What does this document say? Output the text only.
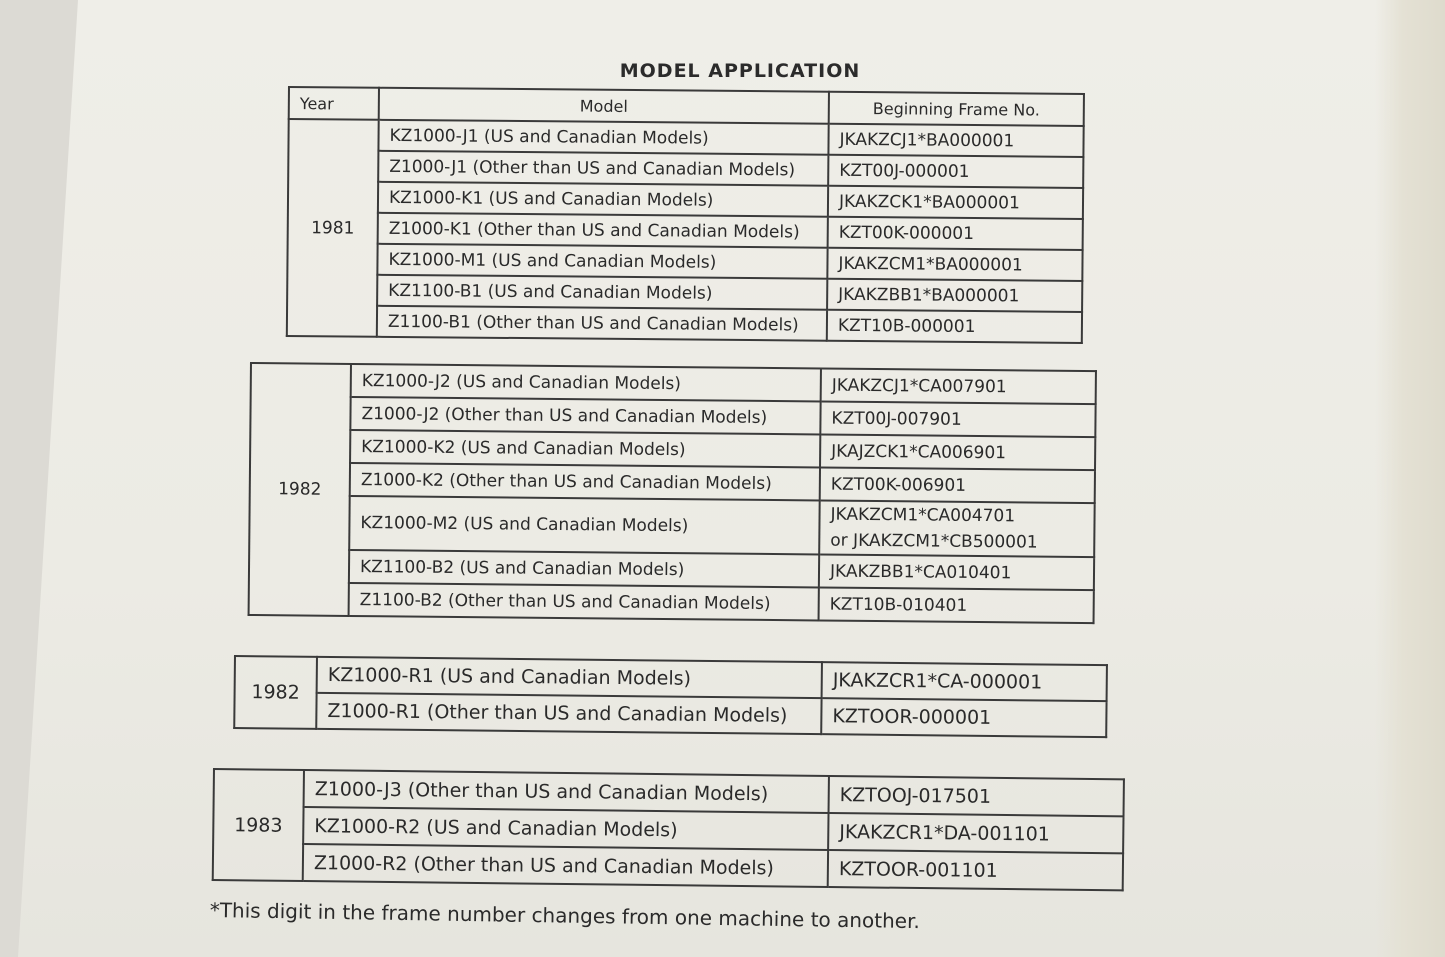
MODEL APPLICATION
Year	Model	Beginning Frame No.
1981	KZ1000-J1 (US and Canadian Models)	JKAKZCJ1*BA000001
	Z1000-J1 (Other than US and Canadian Models)	KZT00J-000001
	KZ1000-K1 (US and Canadian Models)	JKAKZCK1*BA000001
	Z1000-K1 (Other than US and Canadian Models)	KZT00K-000001
	KZ1000-M1 (US and Canadian Models)	JKAKZCM1*BA000001
	KZ1100-B1 (US and Canadian Models)	JKAKZBB1*BA000001
	Z1100-B1 (Other than US and Canadian Models)	KZT10B-000001
1982	KZ1000-J2 (US and Canadian Models)	JKAKZCJ1*CA007901
	Z1000-J2 (Other than US and Canadian Models)	KZT00J-007901
	KZ1000-K2 (US and Canadian Models)	JKAJZCK1*CA006901
	Z1000-K2 (Other than US and Canadian Models)	KZT00K-006901
	KZ1000-M2 (US and Canadian Models)	JKAKZCM1*CA004701
or JKAKZCM1*CB500001

	KZ1100-B2 (US and Canadian Models)	JKAKZBB1*CA010401
	Z1100-B2 (Other than US and Canadian Models)	KZT10B-010401
1982	KZ1000-R1 (US and Canadian Models)	JKAKZCR1*CA-000001
	Z1000-R1 (Other than US and Canadian Models)	KZTOOR-000001
1983	Z1000-J3 (Other than US and Canadian Models)	KZTOOJ-017501
	KZ1000-R2 (US and Canadian Models)	JKAKZCR1*DA-001101
	Z1000-R2 (Other than US and Canadian Models)	KZTOOR-001101
*This digit in the frame number changes from one machine to another.
